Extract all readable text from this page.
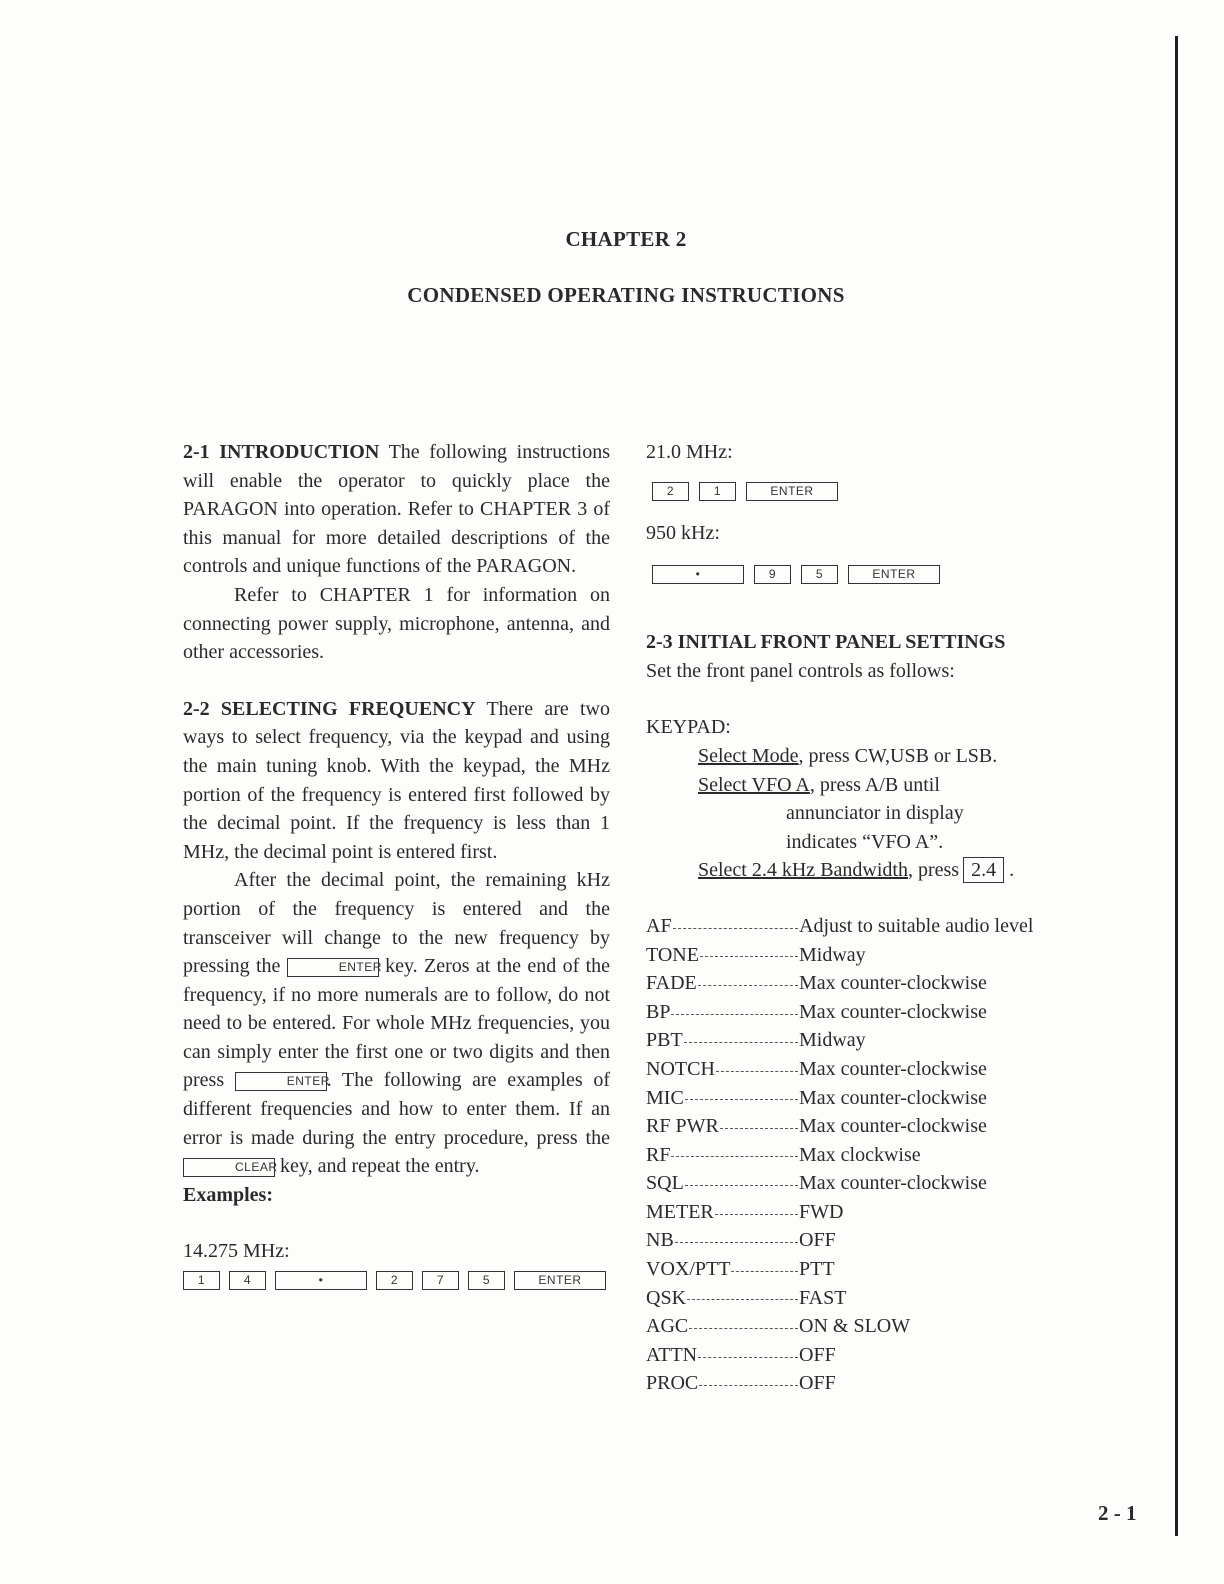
CHAPTER 2
CONDENSED OPERATING INSTRUCTIONS

2-1 INTRODUCTION The following instructions will enable the operator to quickly place the PARAGON into operation. Refer to CHAPTER 3 of this manual for more detailed descriptions of the controls and unique functions of the PARAGON.

Refer to CHAPTER 1 for information on connecting power supply, microphone, antenna, and other accessories.

2-2 SELECTING FREQUENCY There are two ways to select frequency, via the keypad and using the main tuning knob. With the keypad, the MHz portion of the frequency is entered first followed by the decimal point. If the frequency is less than 1 MHz, the decimal point is entered first.

After the decimal point, the remaining kHz portion of the frequency is entered and the transceiver will change to the new frequency by pressing the	ENTER key. Zeros at the end of the frequency, if no more numerals are to follow, do not need to be entered. For whole MHz frequencies, you can simply enter the first one or two digits and then press	ENTER. The following are examples of different frequencies and how to enter them. If an error is made during the entry procedure, press the CLEAR key, and repeat the entry.

Examples:

14.275 MHz:

1	4	•	2	7	5	ENTER

21.0 MHz:

2	1	ENTER

950 kHz:

•	9	5	ENTER

2-3 INITIAL FRONT PANEL SETTINGS

Set the front panel controls as follows:

KEYPAD:

Select Mode, press CW,USB or LSB.

Select VFO A, press A/B until

annunciator in display

indicates “VFO A”.

Select 2.4 kHz Bandwidth, press 2.4 .

AF	Adjust to suitable audio level
TONE	Midway
FADE	Max counter-clockwise
BP	Max counter-clockwise
PBT	Midway
NOTCH	Max counter-clockwise
MIC	Max counter-clockwise
RF PWR	Max counter-clockwise
RF	Max clockwise
SQL	Max counter-clockwise
METER	FWD
NB	OFF
VOX/PTT	PTT
QSK	FAST
AGC	ON & SLOW
ATTN	OFF
PROC	OFF
2 - 1
